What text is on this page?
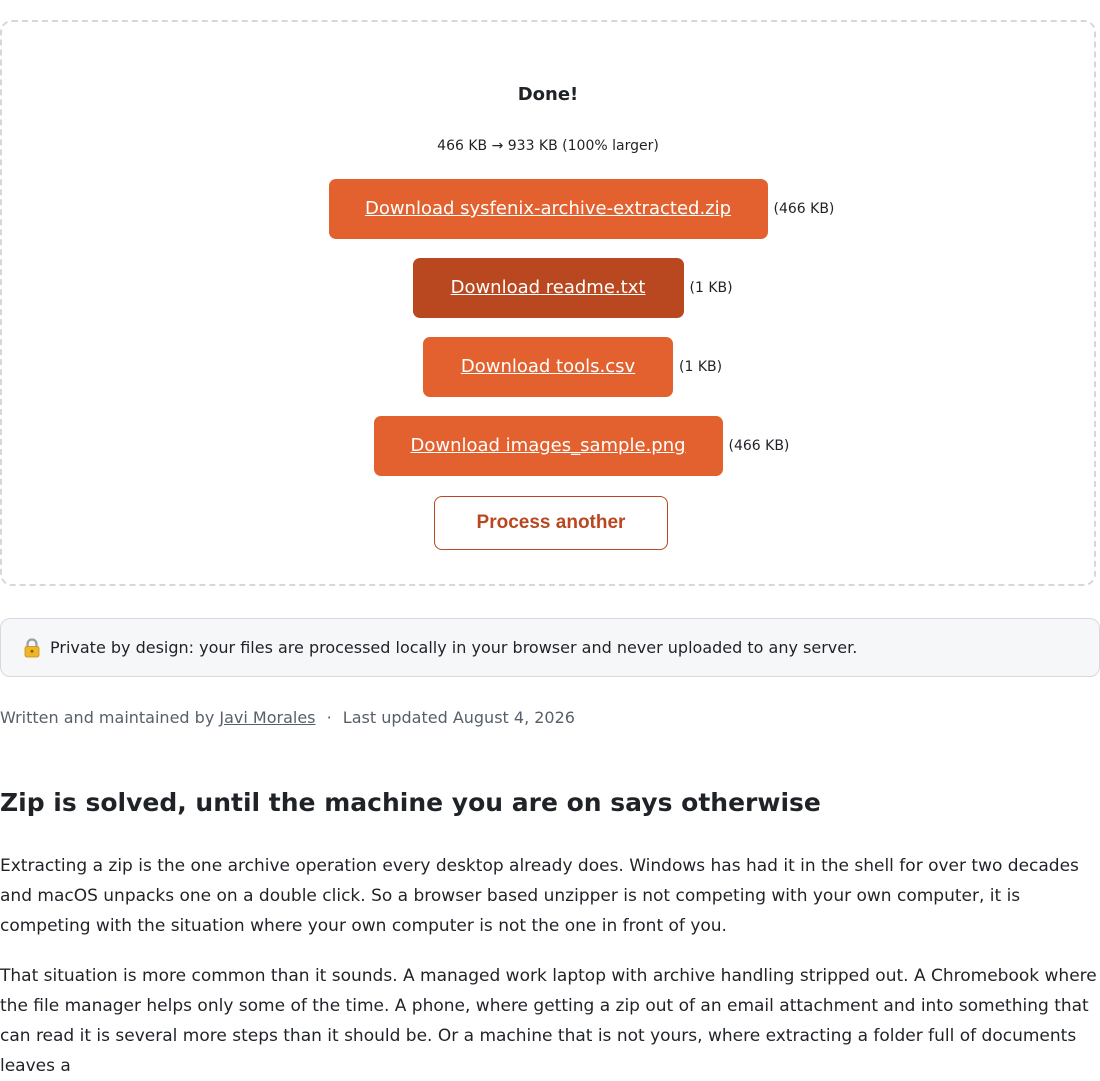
Done!
466 KB → 933 KB (100% larger)
Download sysfenix-archive-extracted.zip	(466 KB)
Download readme.txt	(1 KB)
Download tools.csv	(1 KB)
Download images_sample.png	(466 KB)
Process another
Private by design: your files are processed locally in your browser and never uploaded to any server.
Written and maintained by Javi Morales · Last updated August 4, 2026
Zip is solved, until the machine you are on says otherwise

Extracting a zip is the one archive operation every desktop already does. Windows has had it in the shell for over two decades and macOS unpacks one on a double click. So a browser based unzipper is not competing with your own computer, it is competing with the situation where your own computer is not the one in front of you.

That situation is more common than it sounds. A managed work laptop with archive handling stripped out. A Chromebook where the file manager helps only some of the time. A phone, where getting a zip out of an email attachment and into something that can read it is several more steps than it should be. Or a machine that is not yours, where extracting a folder full of documents leaves a
